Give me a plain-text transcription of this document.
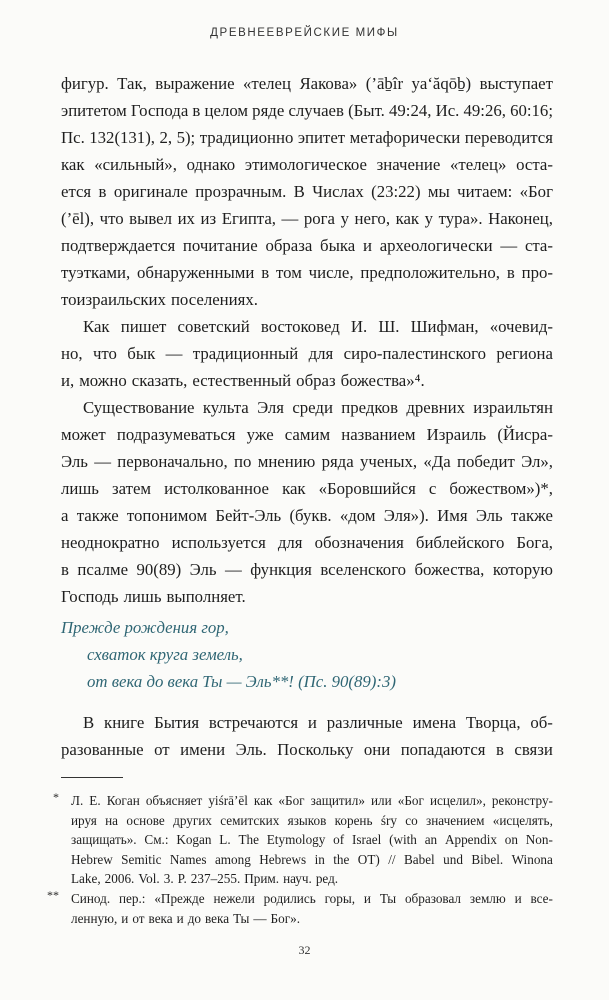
ДРЕВНЕЕВРЕЙСКИЕ МИФЫ
фигур. Так, выражение «телец Яакова» (’āḇîr ya‘ăqōḇ) выступает
эпитетом Господа в целом ряде случаев (Быт. 49:24, Ис. 49:26, 60:16;
Пс. 132(131), 2, 5); традиционно эпитет метафорически переводится
как «сильный», однако этимологическое значение «телец» оста-
ется в оригинале прозрачным. В Числах (23:22) мы читаем: «Бог
(’ēl), что вывел их из Египта, — рога у него, как у тура». Наконец,
подтверждается почитание образа быка и археологически — ста-
туэтками, обнаруженными в том числе, предположительно, в про-
тоизраильских поселениях.
Как пишет советский востоковед И. Ш. Шифман, «очевид-
но, что бык — традиционный для сиро-палестинского региона
и, можно сказать, естественный образ божества»⁴.
Существование культа Эля среди предков древних израильтян
может подразумеваться уже самим названием Израиль (Йисра-
Эль — первоначально, по мнению ряда ученых, «Да победит Эл»,
лишь затем истолкованное как «Боровшийся с божеством»)*,
а также топонимом Бейт-Эль (букв. «дом Эля»). Имя Эль также
неоднократно используется для обозначения библейского Бога,
в псалме 90(89) Эль — функция вселенского божества, которую
Господь лишь выполняет.
Прежде рождения гор,
схваток круга земель,
от века до века Ты — Эль**! (Пс. 90(89):3)
В книге Бытия встречаются и различные имена Творца, об-
разованные от имени Эль. Поскольку они попадаются в связи
* Л. Е. Коган объясняет yiśrā’ēl как «Бог защитил» или «Бог исцелил», реконстру-
ируя на основе других семитских языков корень śry со значением «исцелять,
защищать». См.: Kogan L. The Etymology of Israel (with an Appendix on Non-
Hebrew Semitic Names among Hebrews in the OT) // Babel und Bibel. Winona
Lake, 2006. Vol. 3. P. 237–255. Прим. науч. ред.
** Синод. пер.: «Прежде нежели родились горы, и Ты образовал землю и все-
ленную, и от века и до века Ты — Бог».
32
